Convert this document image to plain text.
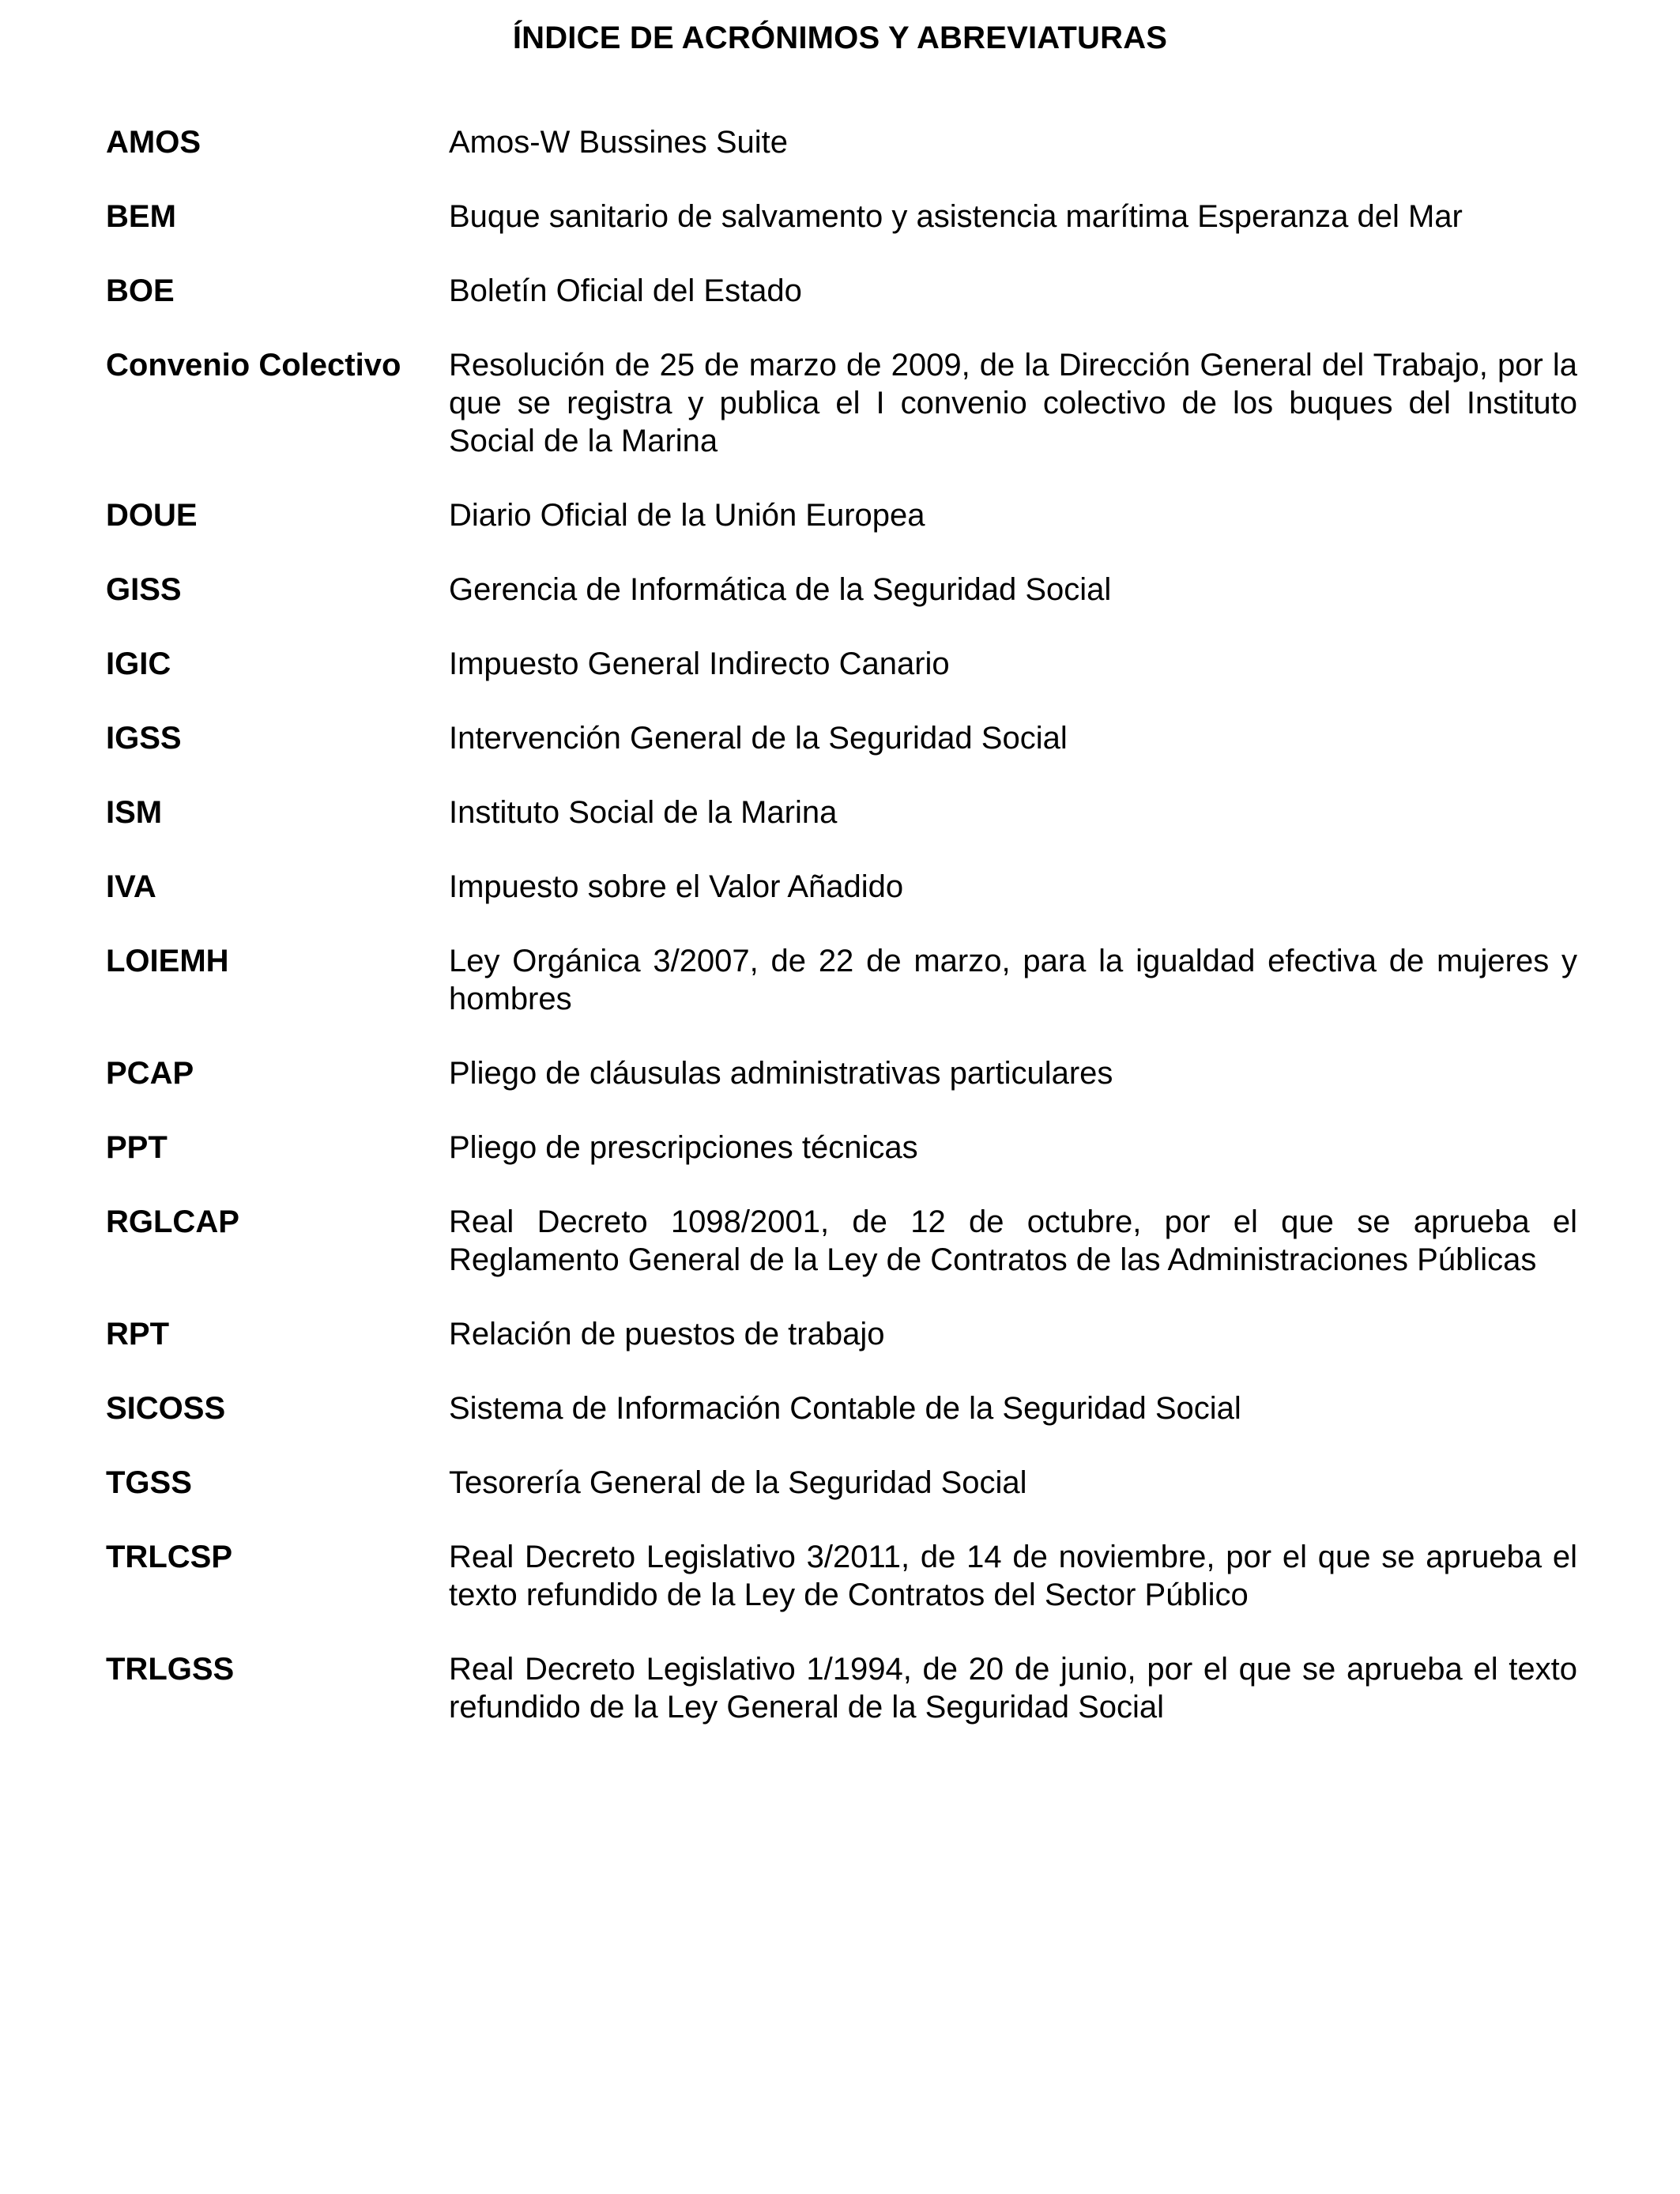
ÍNDICE DE ACRÓNIMOS Y ABREVIATURAS
AMOS	Amos-W Bussines Suite
BEM	Buque sanitario de salvamento y asistencia marítima Esperanza del Mar
BOE	Boletín Oficial del Estado
Convenio Colectivo	Resolución de 25 de marzo de 2009, de la Dirección General del Trabajo, por la que se registra y publica el I convenio colectivo de los buques del Instituto Social de la Marina
DOUE	Diario Oficial de la Unión Europea
GISS	Gerencia de Informática de la Seguridad Social
IGIC	Impuesto General Indirecto Canario
IGSS	Intervención General de la Seguridad Social
ISM	Instituto Social de la Marina
IVA	Impuesto sobre el Valor Añadido
LOIEMH	Ley Orgánica 3/2007, de 22 de marzo, para la igualdad efectiva de mujeres y hombres
PCAP	Pliego de cláusulas administrativas particulares
PPT	Pliego de prescripciones técnicas
RGLCAP	Real Decreto 1098/2001, de 12 de octubre, por el que se aprueba el Reglamento General de la Ley de Contratos de las Administraciones Públicas
RPT	Relación de puestos de trabajo
SICOSS	Sistema de Información Contable de la Seguridad Social
TGSS	Tesorería General de la Seguridad Social
TRLCSP	Real Decreto Legislativo 3/2011, de 14 de noviembre, por el que se aprueba el texto refundido de la Ley de Contratos del Sector Público
TRLGSS	Real Decreto Legislativo 1/1994, de 20 de junio, por el que se aprueba el texto refundido de la Ley General de la Seguridad Social
